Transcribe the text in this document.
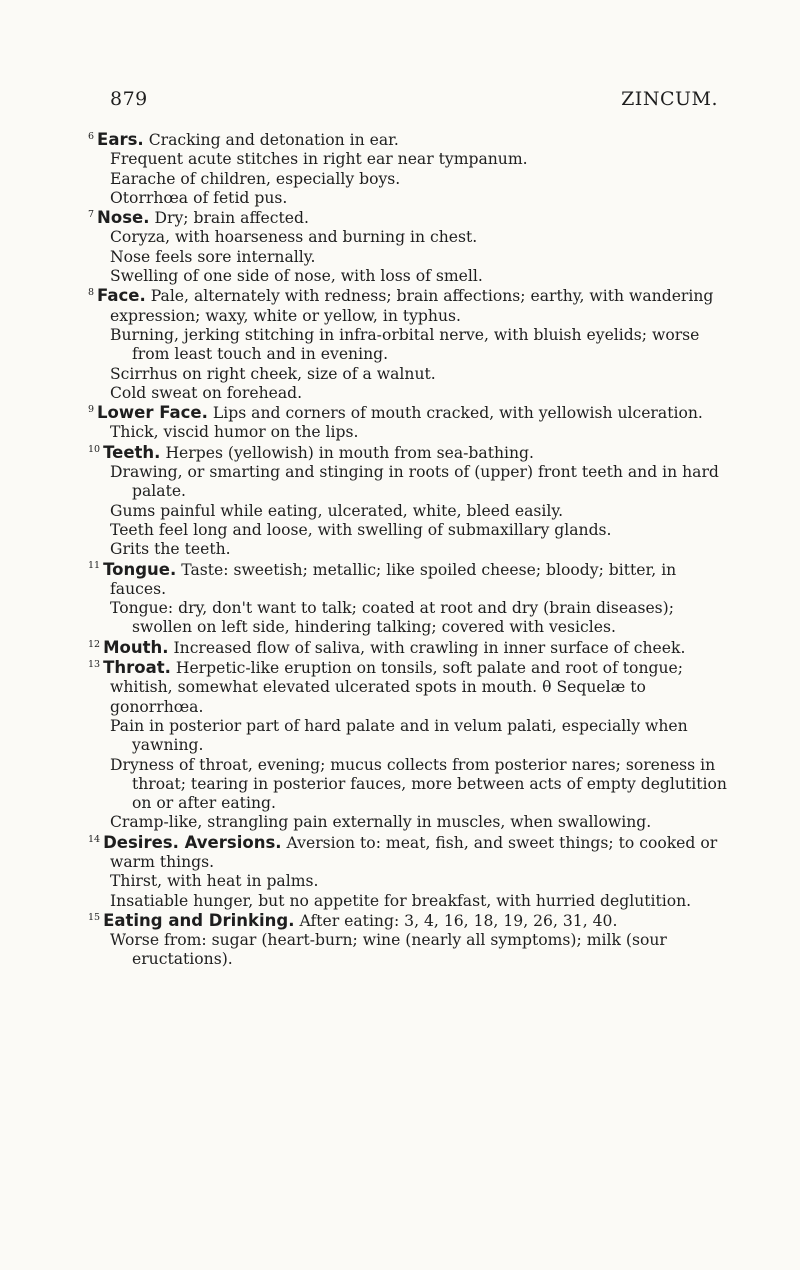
879	ZINCUM.

$^6$ Ears. Cracking and detonation in ear.

Frequent acute stitches in right ear near tympanum.

Earache of children, especially boys.

Otorrhœa of fetid pus.

$^7$ Nose. Dry; brain affected.

Coryza, with hoarseness and burning in chest.

Nose feels sore internally.

Swelling of one side of nose, with loss of smell.

$^8$ Face. Pale, alternately with redness; brain affections; earthy, with wandering expression; waxy, white or yellow, in typhus.

Burning, jerking stitching in infra-orbital nerve, with bluish eyelids; worse from least touch and in evening.

Scirrhus on right cheek, size of a walnut.

Cold sweat on forehead.

$^9$ Lower Face. Lips and corners of mouth cracked, with yellowish ulceration.

Thick, viscid humor on the lips.

$^{10}$ Teeth. Herpes (yellowish) in mouth from sea-bathing.

Drawing, or smarting and stinging in roots of (upper) front teeth and in hard palate.

Gums painful while eating, ulcerated, white, bleed easily.

Teeth feel long and loose, with swelling of submaxillary glands.

Grits the teeth.

$^{11}$ Tongue. Taste: sweetish; metallic; like spoiled cheese; bloody; bitter, in fauces.

Tongue: dry, don't want to talk; coated at root and dry (brain diseases); swollen on left side, hindering talking; covered with vesicles.

$^{12}$ Mouth. Increased flow of saliva, with crawling in inner surface of cheek.

$^{13}$ Throat. Herpetic-like eruption on tonsils, soft palate and root of tongue; whitish, somewhat elevated ulcerated spots in mouth. θ Sequelæ to gonorrhœa.

Pain in posterior part of hard palate and in velum palati, especially when yawning.

Dryness of throat, evening; mucus collects from posterior nares; soreness in throat; tearing in posterior fauces, more between acts of empty deglutition on or after eating.

Cramp-like, strangling pain externally in muscles, when swallowing.

$^{14}$ Desires. Aversions. Aversion to: meat, fish, and sweet things; to cooked or warm things.

Thirst, with heat in palms.

Insatiable hunger, but no appetite for breakfast, with hurried deglutition.

$^{15}$ Eating and Drinking. After eating: 3, 4, 16, 18, 19, 26, 31, 40.

Worse from: sugar (heart-burn; wine (nearly all symptoms); milk (sour eructations).
